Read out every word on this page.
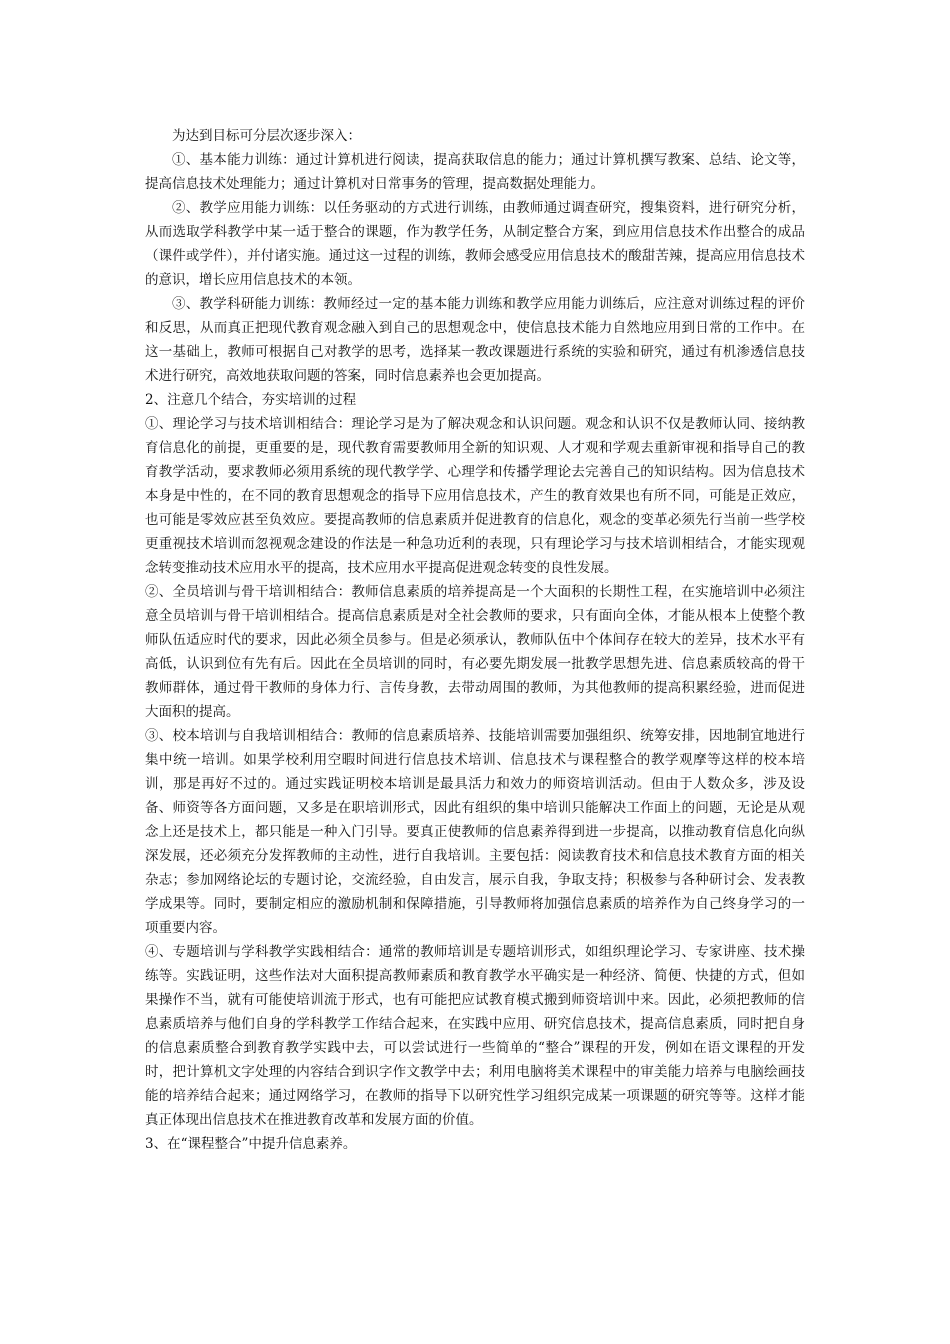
为达到目标可分层次逐步深入：

①、基本能力训练：通过计算机进行阅读，提高获取信息的能力；通过计算机撰写教案、总结、论文等，提高信息技术处理能力；通过计算机对日常事务的管理，提高数据处理能力。

②、教学应用能力训练：以任务驱动的方式进行训练，由教师通过调查研究，搜集资料，进行研究分析，从而选取学科教学中某一适于整合的课题，作为教学任务，从制定整合方案，到应用信息技术作出整合的成品（课件或学件），并付诸实施。通过这一过程的训练，教师会感受应用信息技术的酸甜苦辣，提高应用信息技术的意识，增长应用信息技术的本领。

③、教学科研能力训练：教师经过一定的基本能力训练和教学应用能力训练后，应注意对训练过程的评价和反思，从而真正把现代教育观念融入到自己的思想观念中，使信息技术能力自然地应用到日常的工作中。在这一基础上，教师可根据自己对教学的思考，选择某一教改课题进行系统的实验和研究，通过有机渗透信息技术进行研究，高效地获取问题的答案，同时信息素养也会更加提高。

2、注意几个结合，夯实培训的过程

①、理论学习与技术培训相结合：理论学习是为了解决观念和认识问题。观念和认识不仅是教师认同、接纳教育信息化的前提，更重要的是，现代教育需要教师用全新的知识观、人才观和学观去重新审视和指导自己的教育教学活动，要求教师必须用系统的现代教学学、心理学和传播学理论去完善自己的知识结构。因为信息技术本身是中性的，在不同的教育思想观念的指导下应用信息技术，产生的教育效果也有所不同，可能是正效应，也可能是零效应甚至负效应。要提高教师的信息素质并促进教育的信息化，观念的变革必须先行当前一些学校更重视技术培训而忽视观念建设的作法是一种急功近利的表现，只有理论学习与技术培训相结合，才能实现观念转变推动技术应用水平的提高，技术应用水平提高促进观念转变的良性发展。

②、全员培训与骨干培训相结合：教师信息素质的培养提高是一个大面积的长期性工程，在实施培训中必须注意全员培训与骨干培训相结合。提高信息素质是对全社会教师的要求，只有面向全体，才能从根本上使整个教师队伍适应时代的要求，因此必须全员参与。但是必须承认，教师队伍中个体间存在较大的差异，技术水平有高低，认识到位有先有后。因此在全员培训的同时，有必要先期发展一批教学思想先进、信息素质较高的骨干教师群体，通过骨干教师的身体力行、言传身教，去带动周围的教师，为其他教师的提高积累经验，进而促进大面积的提高。

③、校本培训与自我培训相结合：教师的信息素质培养、技能培训需要加强组织、统筹安排，因地制宜地进行集中统一培训。如果学校利用空暇时间进行信息技术培训、信息技术与课程整合的教学观摩等这样的校本培训，那是再好不过的。通过实践证明校本培训是最具活力和效力的师资培训活动。但由于人数众多，涉及设备、师资等各方面问题，又多是在职培训形式，因此有组织的集中培训只能解决工作面上的问题，无论是从观念上还是技术上，都只能是一种入门引导。要真正使教师的信息素养得到进一步提高，以推动教育信息化向纵深发展，还必须充分发挥教师的主动性，进行自我培训。主要包括：阅读教育技术和信息技术教育方面的相关杂志；参加网络论坛的专题讨论，交流经验，自由发言，展示自我，争取支持；积极参与各种研讨会、发表教学成果等。同时，要制定相应的激励机制和保障措施，引导教师将加强信息素质的培养作为自己终身学习的一项重要内容。

④、专题培训与学科教学实践相结合：通常的教师培训是专题培训形式，如组织理论学习、专家讲座、技术操练等。实践证明，这些作法对大面积提高教师素质和教育教学水平确实是一种经济、简便、快捷的方式，但如果操作不当，就有可能使培训流于形式，也有可能把应试教育模式搬到师资培训中来。因此，必须把教师的信息素质培养与他们自身的学科教学工作结合起来，在实践中应用、研究信息技术，提高信息素质，同时把自身的信息素质整合到教育教学实践中去，可以尝试进行一些简单的“整合”课程的开发，例如在语文课程的开发时，把计算机文字处理的内容结合到识字作文教学中去；利用电脑将美术课程中的审美能力培养与电脑绘画技能的培养结合起来；通过网络学习，在教师的指导下以研究性学习组织完成某一项课题的研究等等。这样才能真正体现出信息技术在推进教育改革和发展方面的价值。

3、在“课程整合”中提升信息素养。
